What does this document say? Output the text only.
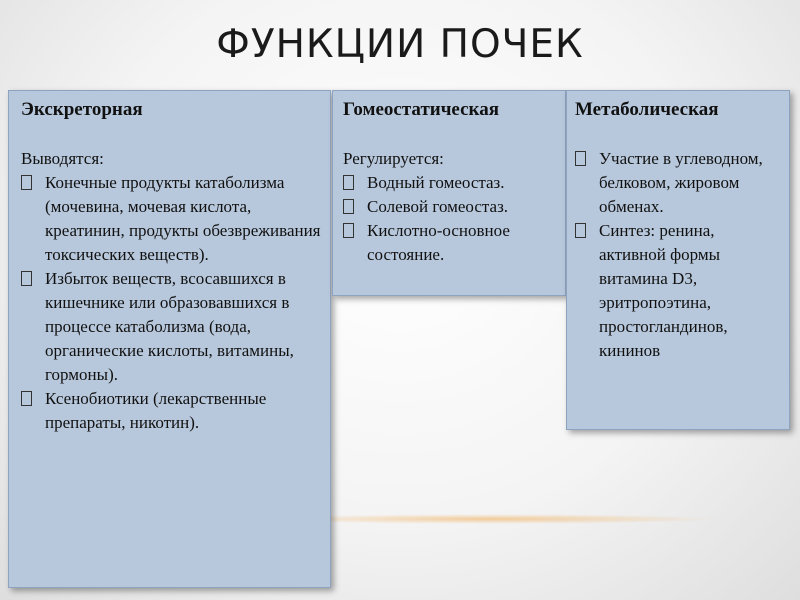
ФУНКЦИИ ПОЧЕК
Экскреторная

Выводятся:

Конечные продукты катаболизма (мочевина, мочевая кислота, креатинин, продукты обезвреживания токсических веществ).
Избыток веществ, всосавшихся в кишечнике или образовавшихся в процессе катаболизма (вода, органические кислоты, витамины, гормоны).
Ксенобиотики (лекарственные препараты, никотин).
Гомеостатическая

Регулируется:

Водный гомеостаз.
Солевой гомеостаз.
Кислотно-основное состояние.
Метаболическая
Участие в углеводном, белковом, жировом обменах.
Синтез: ренина, активной формы витамина D3, эритропоэтина, простогландинов, кининов
